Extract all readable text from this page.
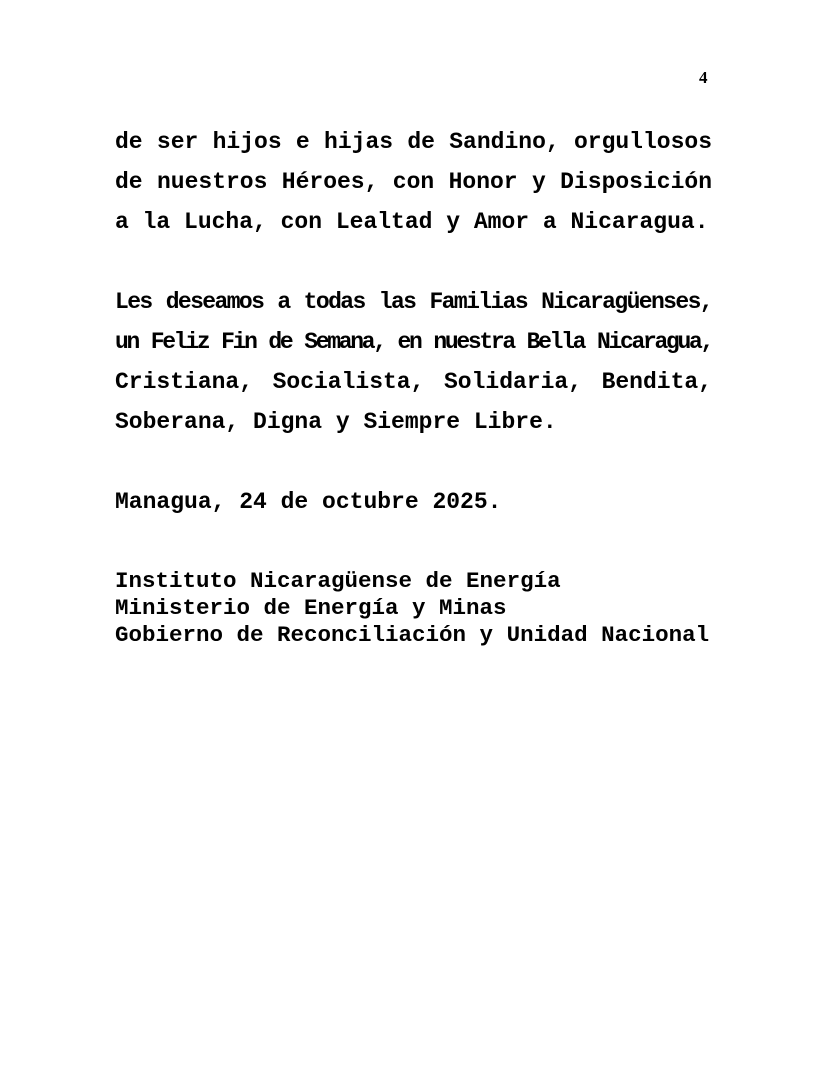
4
de ser hijos e hijas de Sandino, orgullosos
de nuestros Héroes, con Honor y Disposición
a la Lucha, con Lealtad y Amor a Nicaragua.
Les deseamos a todas las Familias Nicaragüenses,
un Feliz Fin de Semana, en nuestra Bella Nicaragua,
Cristiana, Socialista, Solidaria, Bendita,
Soberana, Digna y Siempre Libre.
Managua, 24 de octubre 2025.
Instituto Nicaragüense de Energía
Ministerio de Energía y Minas
Gobierno de Reconciliación y Unidad Nacional
